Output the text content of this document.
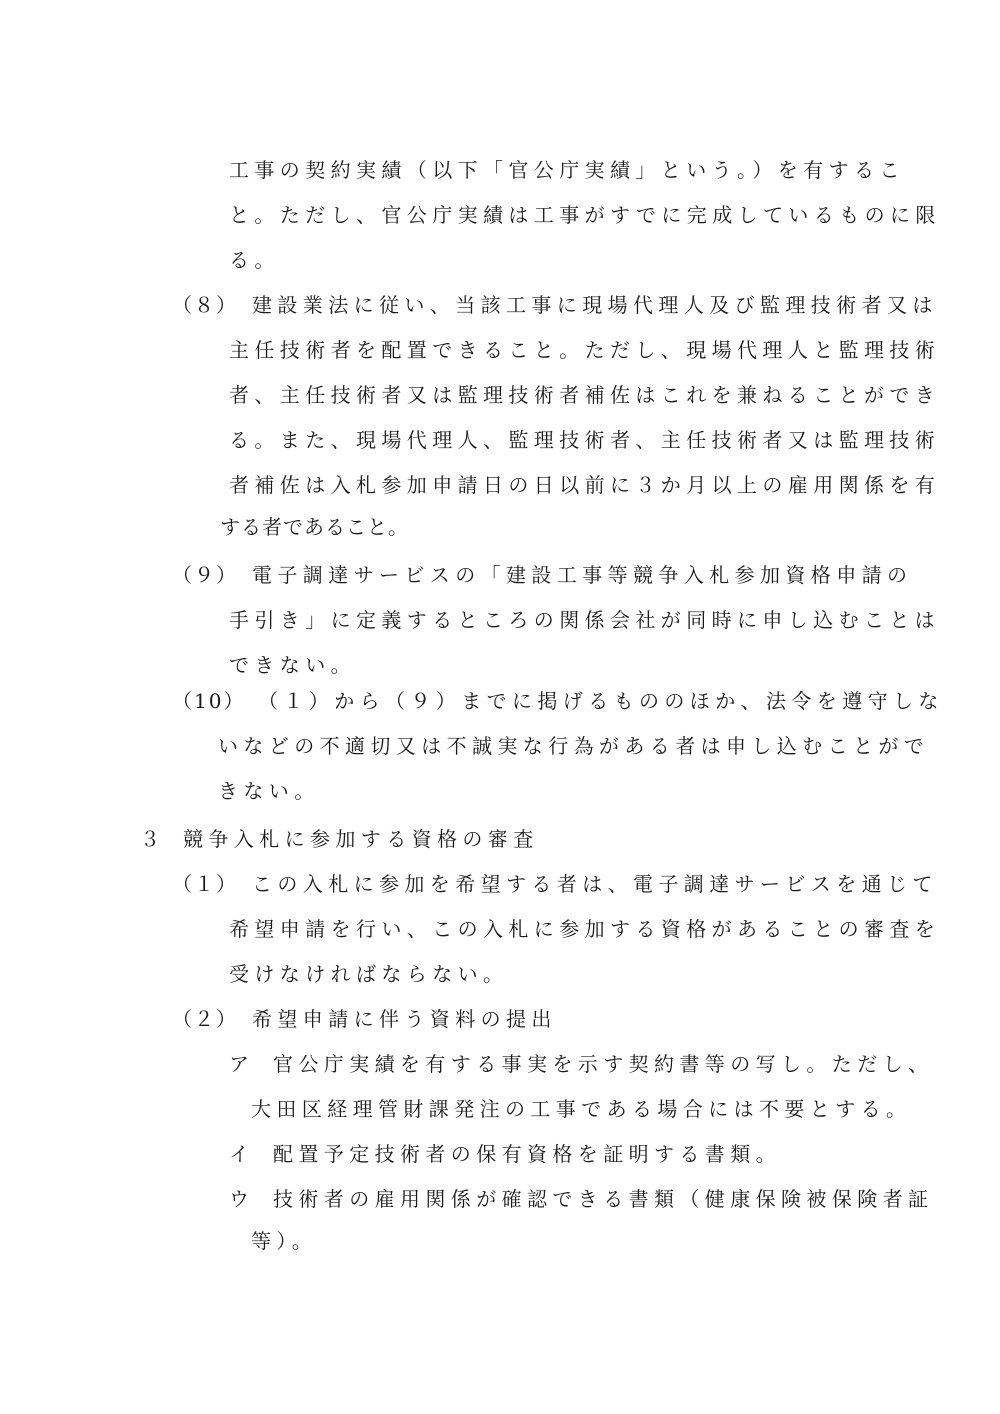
工事の契約実績（以下「官公庁実績」という。）を有するこ
と。ただし、官公庁実績は工事がすでに完成しているものに限
る。
（８） 建設業法に従い、当該工事に現場代理人及び監理技術者又は
主任技術者を配置できること。ただし、現場代理人と監理技術
者、主任技術者又は監理技術者補佐はこれを兼ねることができ
る。また、現場代理人、監理技術者、主任技術者又は監理技術
者補佐は入札参加申請日の日以前に３か月以上の雇用関係を有
する者であること。
（９） 電子調達サービスの「建設工事等競争入札参加資格申請の
手引き」に定義するところの関係会社が同時に申し込むことは
できない。
（10） （１）から（９）までに掲げるもののほか、法令を遵守しな
いなどの不適切又は不誠実な行為がある者は申し込むことがで
きない。
３ 競争入札に参加する資格の審査
（１） この入札に参加を希望する者は、電子調達サービスを通じて
希望申請を行い、この入札に参加する資格があることの審査を
受けなければならない。
（２） 希望申請に伴う資料の提出
ア 官公庁実績を有する事実を示す契約書等の写し。ただし、
大田区経理管財課発注の工事である場合には不要とする。
イ 配置予定技術者の保有資格を証明する書類。
ウ 技術者の雇用関係が確認できる書類（健康保険被保険者証
等）。
